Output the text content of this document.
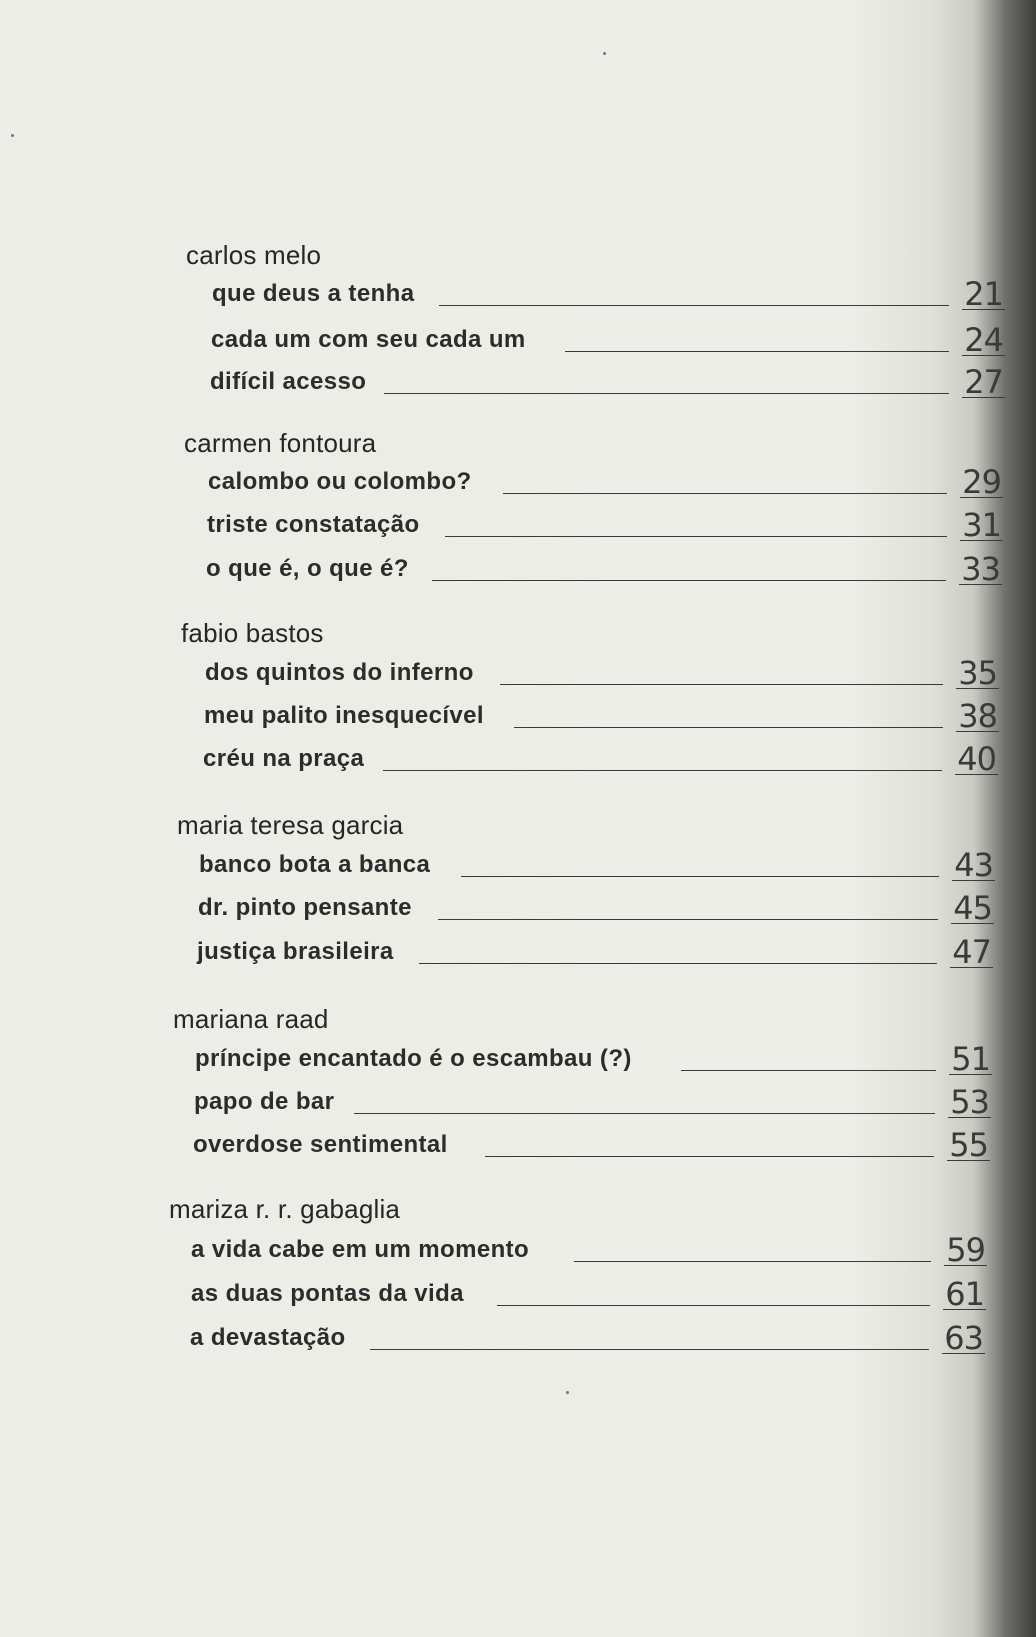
carlos melo
que deus a tenha	21
cada um com seu cada um	24
difícil acesso	27
carmen fontoura
calombo ou colombo?	29
triste constatação	31
o que é, o que é?	33
fabio bastos
dos quintos do inferno	35
meu palito inesquecível	38
créu na praça	40
maria teresa garcia
banco bota a banca	43
dr. pinto pensante	45
justiça brasileira	47
mariana raad
príncipe encantado é o escambau (?)	51
papo de bar	53
overdose sentimental	55
mariza r. r. gabaglia
a vida cabe em um momento	59
as duas pontas da vida	61
a devastação	63
